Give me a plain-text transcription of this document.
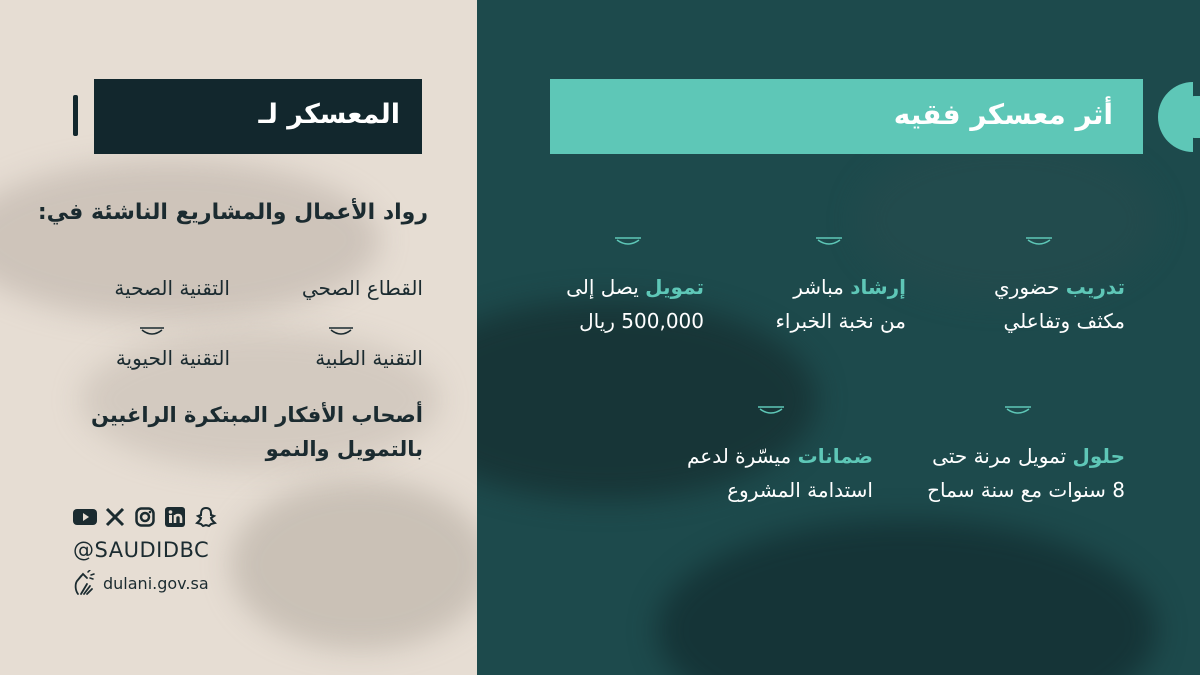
المعسكر لـ
رواد الأعمال والمشاريع الناشئة في:
القطاع الصحي
التقنية الصحية
التقنية الطبية
التقنية الحيوية
أصحاب الأفكار المبتكرة الراغبين
بالتمويل والنمو
@SAUDIDBC
dulani.gov.sa
أثر معسكر فقيه
تدريب حضوري
مكثف وتفاعلي
إرشاد مباشر
من نخبة الخبراء
تمويل يصل إلى
500,000 ريال
حلول تمويل مرنة حتى
8 سنوات مع سنة سماح
ضمانات ميسّرة لدعم
استدامة المشروع
